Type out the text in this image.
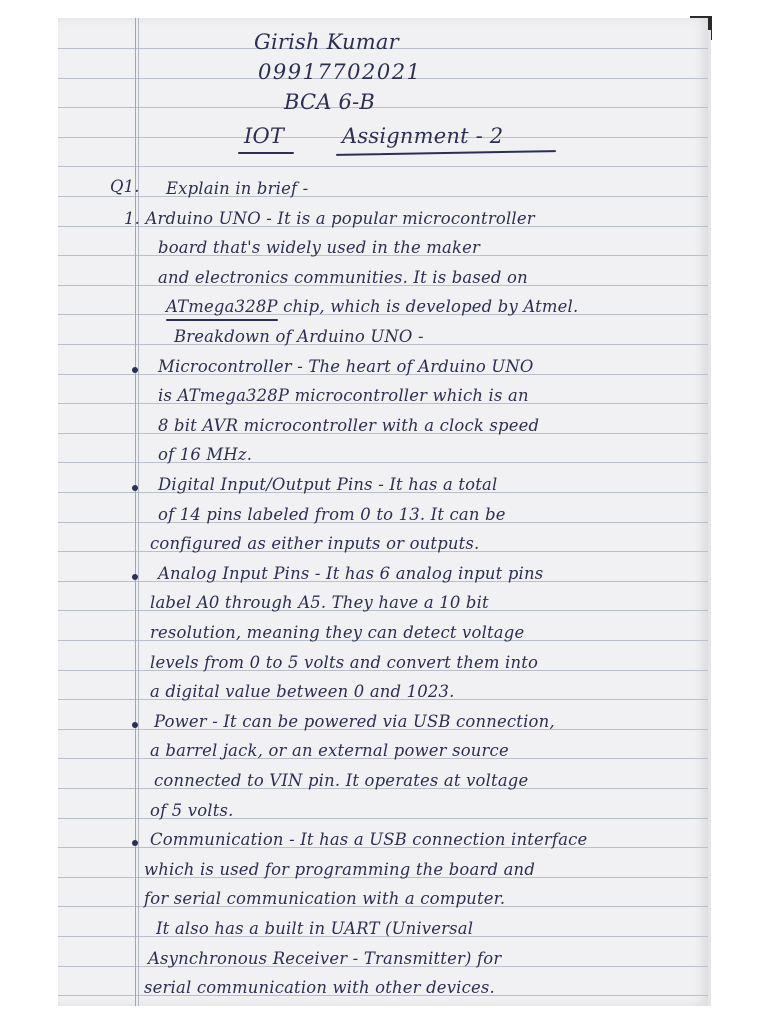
Girish Kumar
09917702021
BCA 6-B
IOT	Assignment - 2
Q1. Explain in brief -
1. Arduino UNO - It is a popular microcontroller
board that's widely used in the maker
and electronics communities. It is based on
ATmega328P chip, which is developed by Atmel.
Breakdown of Arduino UNO -
Microcontroller - The heart of Arduino UNO
is ATmega328P microcontroller which is an
8 bit AVR microcontroller with a clock speed
of 16 MHz.
Digital Input/Output Pins - It has a total
of 14 pins labeled from 0 to 13. It can be
configured as either inputs or outputs.
Analog Input Pins - It has 6 analog input pins
label A0 through A5. They have a 10 bit
resolution, meaning they can detect voltage
levels from 0 to 5 volts and convert them into
a digital value between 0 and 1023.
Power - It can be powered via USB connection,
a barrel jack, or an external power source
connected to VIN pin. It operates at voltage
of 5 volts.
Communication - It has a USB connection interface
which is used for programming the board and
for serial communication with a computer.
It also has a built in UART (Universal
Asynchronous Receiver - Transmitter) for
serial communication with other devices.
